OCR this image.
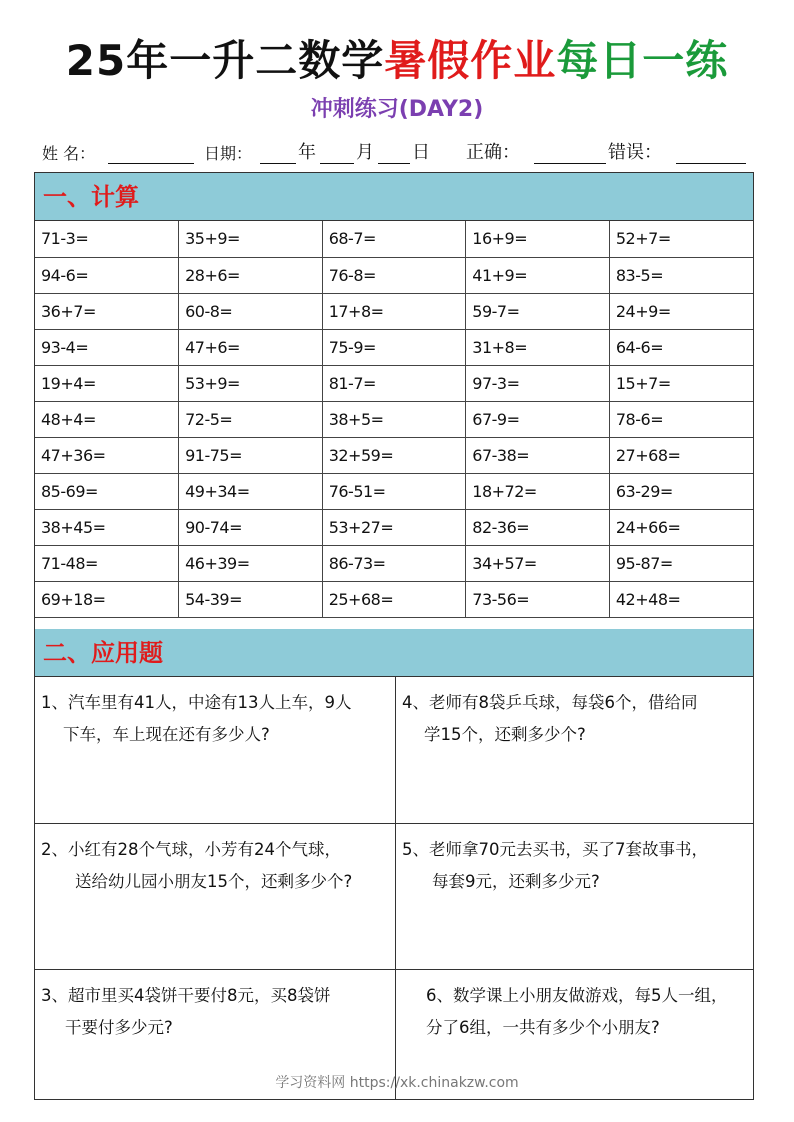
25年一升二数学暑假作业每日一练
冲刺练习(DAY2)
姓 名：	日期：	年 月 日 正确：	错误：
一、计算
71-3=	35+9=	68-7=	16+9=	52+7=
94-6=	28+6=	76-8=	41+9=	83-5=
36+7=	60-8=	17+8=	59-7=	24+9=
93-4=	47+6=	75-9=	31+8=	64-6=
19+4=	53+9=	81-7=	97-3=	15+7=
48+4=	72-5=	38+5=	67-9=	78-6=
47+36=	91-75=	32+59=	67-38=	27+68=
85-69=	49+34=	76-51=	18+72=	63-29=
38+45=	90-74=	53+27=	82-36=	24+66=
71-48=	46+39=	86-73=	34+57=	95-87=
69+18=	54-39=	25+68=	73-56=	42+48=
二、应用题
1、汽车里有41人，中途有13人上车，9人
下车，车上现在还有多少人?
4、老师有8袋乒乓球，每袋6个，借给同
学15个，还剩多少个?
2、小红有28个气球，小芳有24个气球，
送给幼儿园小朋友15个，还剩多少个?
5、老师拿70元去买书，买了7套故事书，
每套9元，还剩多少元?
3、超市里买4袋饼干要付8元，买8袋饼
干要付多少元?
6、数学课上小朋友做游戏，每5人一组，
分了6组，一共有多少个小朋友?
学习资料网 https://xk.chinakzw.com
